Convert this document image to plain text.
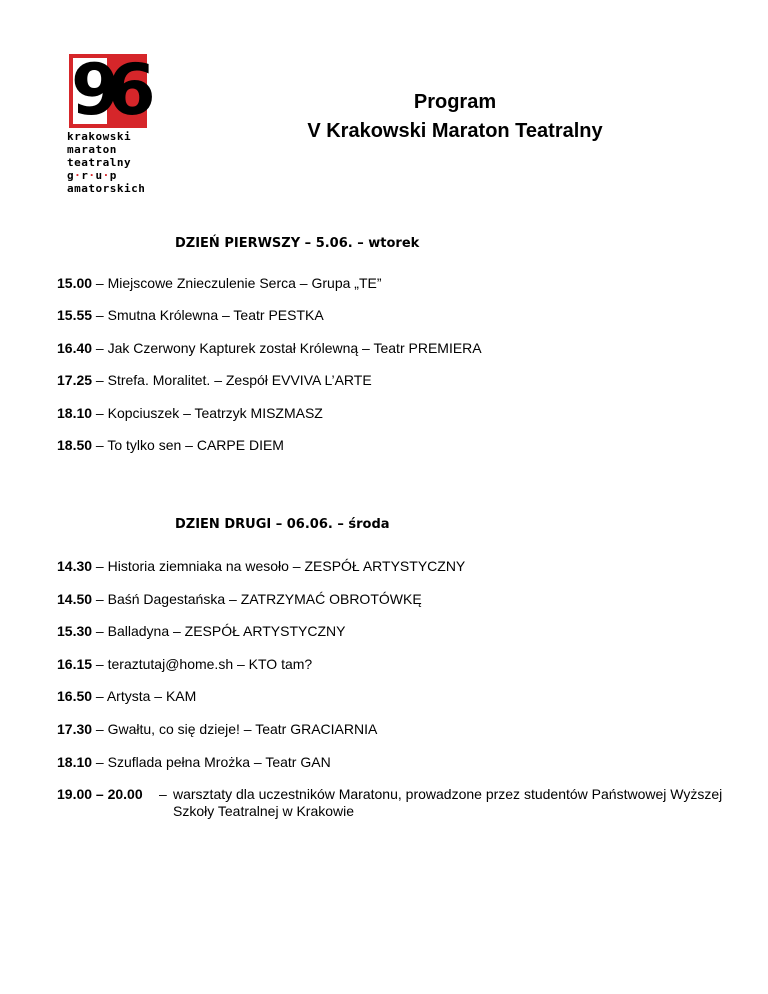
9
6
krakowski
maraton
teatralny
g·r·u·p
amatorskich
Program
V Krakowski Maraton Teatralny
DZIEŃ PIERWSZY – 5.06. – wtorek
15.00 – Miejscowe Znieczulenie Serca – Grupa „TE”
15.55 – Smutna Królewna – Teatr PESTKA
16.40 – Jak Czerwony Kapturek został Królewną – Teatr PREMIERA
17.25 – Strefa. Moralitet. – Zespół EVVIVA L’ARTE
18.10 – Kopciuszek – Teatrzyk MISZMASZ
18.50 – To tylko sen – CARPE DIEM
DZIEN DRUGI – 06.06. – środa
14.30 – Historia ziemniaka na wesoło – ZESPÓŁ ARTYSTYCZNY
14.50 – Baśń Dagestańska – ZATRZYMAĆ OBROTÓWKĘ
15.30 – Balladyna – ZESPÓŁ ARTYSTYCZNY
16.15 – teraztutaj@home.sh – KTO tam?
16.50 – Artysta – KAM
17.30 – Gwałtu, co się dzieje! – Teatr GRACIARNIA
18.10 – Szuflada pełna Mrożka – Teatr GAN
19.00 – 20.00 – warsztaty dla uczestników Maratonu, prowadzone przez studentów Państwowej Wyższej Szkoły Teatralnej w Krakowie
